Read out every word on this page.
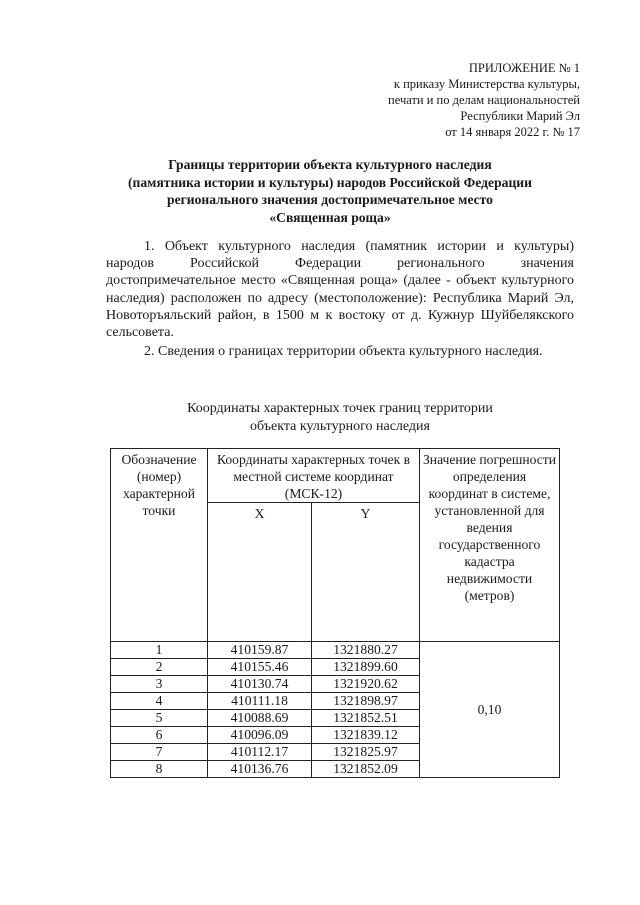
ПРИЛОЖЕНИЕ № 1
к приказу Министерства культуры,
печати и по делам национальностей
Республики Марий Эл
от 14 января 2022 г. № 17
Границы территории объекта культурного наследия
(памятника истории и культуры) народов Российской Федерации
регионального значения достопримечательное место
«Священная роща»
1. Объект культурного наследия (памятник истории и культуры) народов Российской Федерации регионального значения достопримечательное место «Священная роща» (далее - объект культурного наследия) расположен по адресу (местоположение): Республика Марий Эл, Новоторъяльский район, в 1500 м к востоку от д. Кужнур Шуйбелякского сельсовета.
2. Сведения о границах территории объекта культурного наследия.
Координаты характерных точек границ территории
объекта культурного наследия
Обозначение (номер) характерной точки	Координаты характерных точек в местной системе координат (МСК-12)		Значение погрешности определения координат в системе, установленной для ведения государственного кадастра недвижимости (метров)
	X	Y	
1	410159.87	1321880.27	0,10
2	410155.46	1321899.60	
3	410130.74	1321920.62	
4	410111.18	1321898.97	
5	410088.69	1321852.51	
6	410096.09	1321839.12	
7	410112.17	1321825.97	
8	410136.76	1321852.09	
